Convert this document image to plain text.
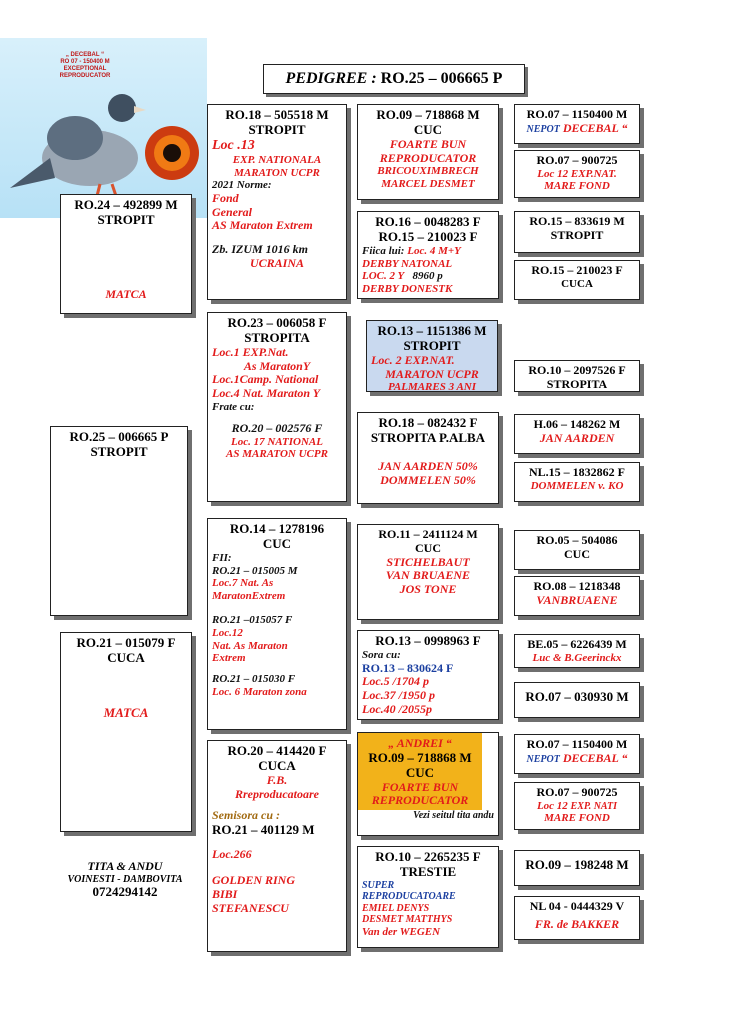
„ DECEBAL “
RO 07 - 150400 M
EXCEPTIONAL REPRODUCATOR	PEDIGREE : RO.25 – 006665 P
RO.24 – 492899 M
STROPIT
MATCA
RO.25 – 006665 P
STROPIT
RO.21 – 015079 F
CUCA
MATCA
TITA & ANDU
VOINESTI - DAMBOVITA
0724294142
RO.18 – 505518 M
STROPIT
Loc .13
EXP. NATIONALA
MARATON UCPR
2021 Norme:
Fond
General
AS Maraton Extrem
Zb. IZUM 1016 km
UCRAINA
RO.23 – 006058 F
STROPITA
Loc.1 EXP.Nat.
As MaratonY
Loc.1Camp. National
Loc.4 Nat. Maraton Y
Frate cu:
RO.20 – 002576 F
Loc. 17 NATIONAL
AS MARATON UCPR
RO.14 – 1278196
CUC
FII:
RO.21 – 015005 M
Loc.7 Nat. As
MaratonExtrem
RO.21 –015057 F
Loc.12
Nat. As Maraton
Extrem
RO.21 – 015030 F
Loc. 6 Maraton zona
RO.20 – 414420 F
CUCA
F.B.
Rreproducatoare
Semisora cu :
RO.21 – 401129 M
Loc.266
GOLDEN RING
BIBI
STEFANESCU
RO.09 – 718868 M
CUC
FOARTE BUN
REPRODUCATOR
BRICOUXIMBRECH
MARCEL DESMET
RO.16 – 0048283 F
RO.15 – 210023 F
Fiica lui: Loc. 4 M+Y
DERBY NATONAL
LOC. 2 Y 8960 p
DERBY DONESTK
RO.13 – 1151386 M
STROPIT
Loc. 2 EXP.NAT.
MARATON UCPR
PALMARES 3 ANI
RO.18 – 082432 F
STROPITA P.ALBA
JAN AARDEN 50%
DOMMELEN 50%
RO.11 – 2411124 M
CUC
STICHELBAUT
VAN BRUAENE
JOS TONE
RO.13 – 0998963 F
Sora cu:
RO.13 – 830624 F
Loc.5 /1704 p
Loc.37 /1950 p
Loc.40 /2055p
„ ANDREI “
RO.09 – 718868 M
CUC
FOARTE BUN
REPRODUCATOR
Vezi seitul tita andu
RO.10 – 2265235 F
TRESTIE
SUPER
REPRODUCATOARE
EMIEL DENYS
DESMET MATTHYS
Van der WEGEN
RO.07 – 1150400 M
NEPOT DECEBAL “
RO.07 – 900725
Loc 12 EXP.NAT.
MARE FOND
RO.15 – 833619 M
STROPIT
RO.15 – 210023 F
CUCA
RO.10 – 2097526 F
STROPITA
H.06 – 148262 M
JAN AARDEN
NL.15 – 1832862 F
DOMMELEN v. KO
RO.05 – 504086
CUC
RO.08 – 1218348
VANBRUAENE
BE.05 – 6226439 M
Luc & B.Geerinckx
RO.07 – 030930 M
RO.07 – 1150400 M
NEPOT DECEBAL “
RO.07 – 900725
Loc 12 EXP. NATI
MARE FOND
RO.09 – 198248 M
NL 04 - 0444329 V
FR. de BAKKER
